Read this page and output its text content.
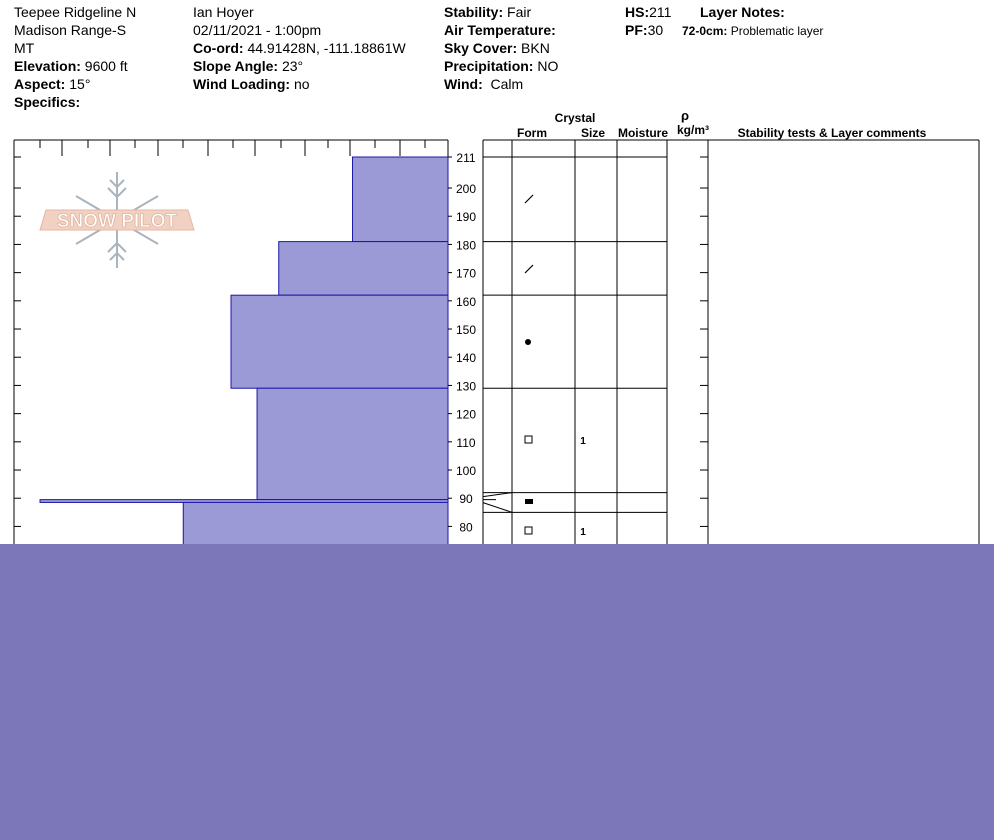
Teepee Ridgeline N
Madison Range-S
MT
Elevation: 9600 ft
Aspect: 15°
Specifics:
Ian Hoyer
02/11/2021 - 1:00pm
Co-ord: 44.91428N, -111.18861W
Slope Angle: 23°
Wind Loading: no
Stability: Fair
Air Temperature:
Sky Cover: BKN
Precipitation: NO
Wind: Calm
HS:211
PF:30
Layer Notes:
72-0cm: Problematic layer
SNOW PILOT
211
200
190
180
170
160
150
140
130
120
110
100
90
80
Crystal
Form	Size Moisture
ρ
kg/m³ Stability tests & Layer comments
1
1
